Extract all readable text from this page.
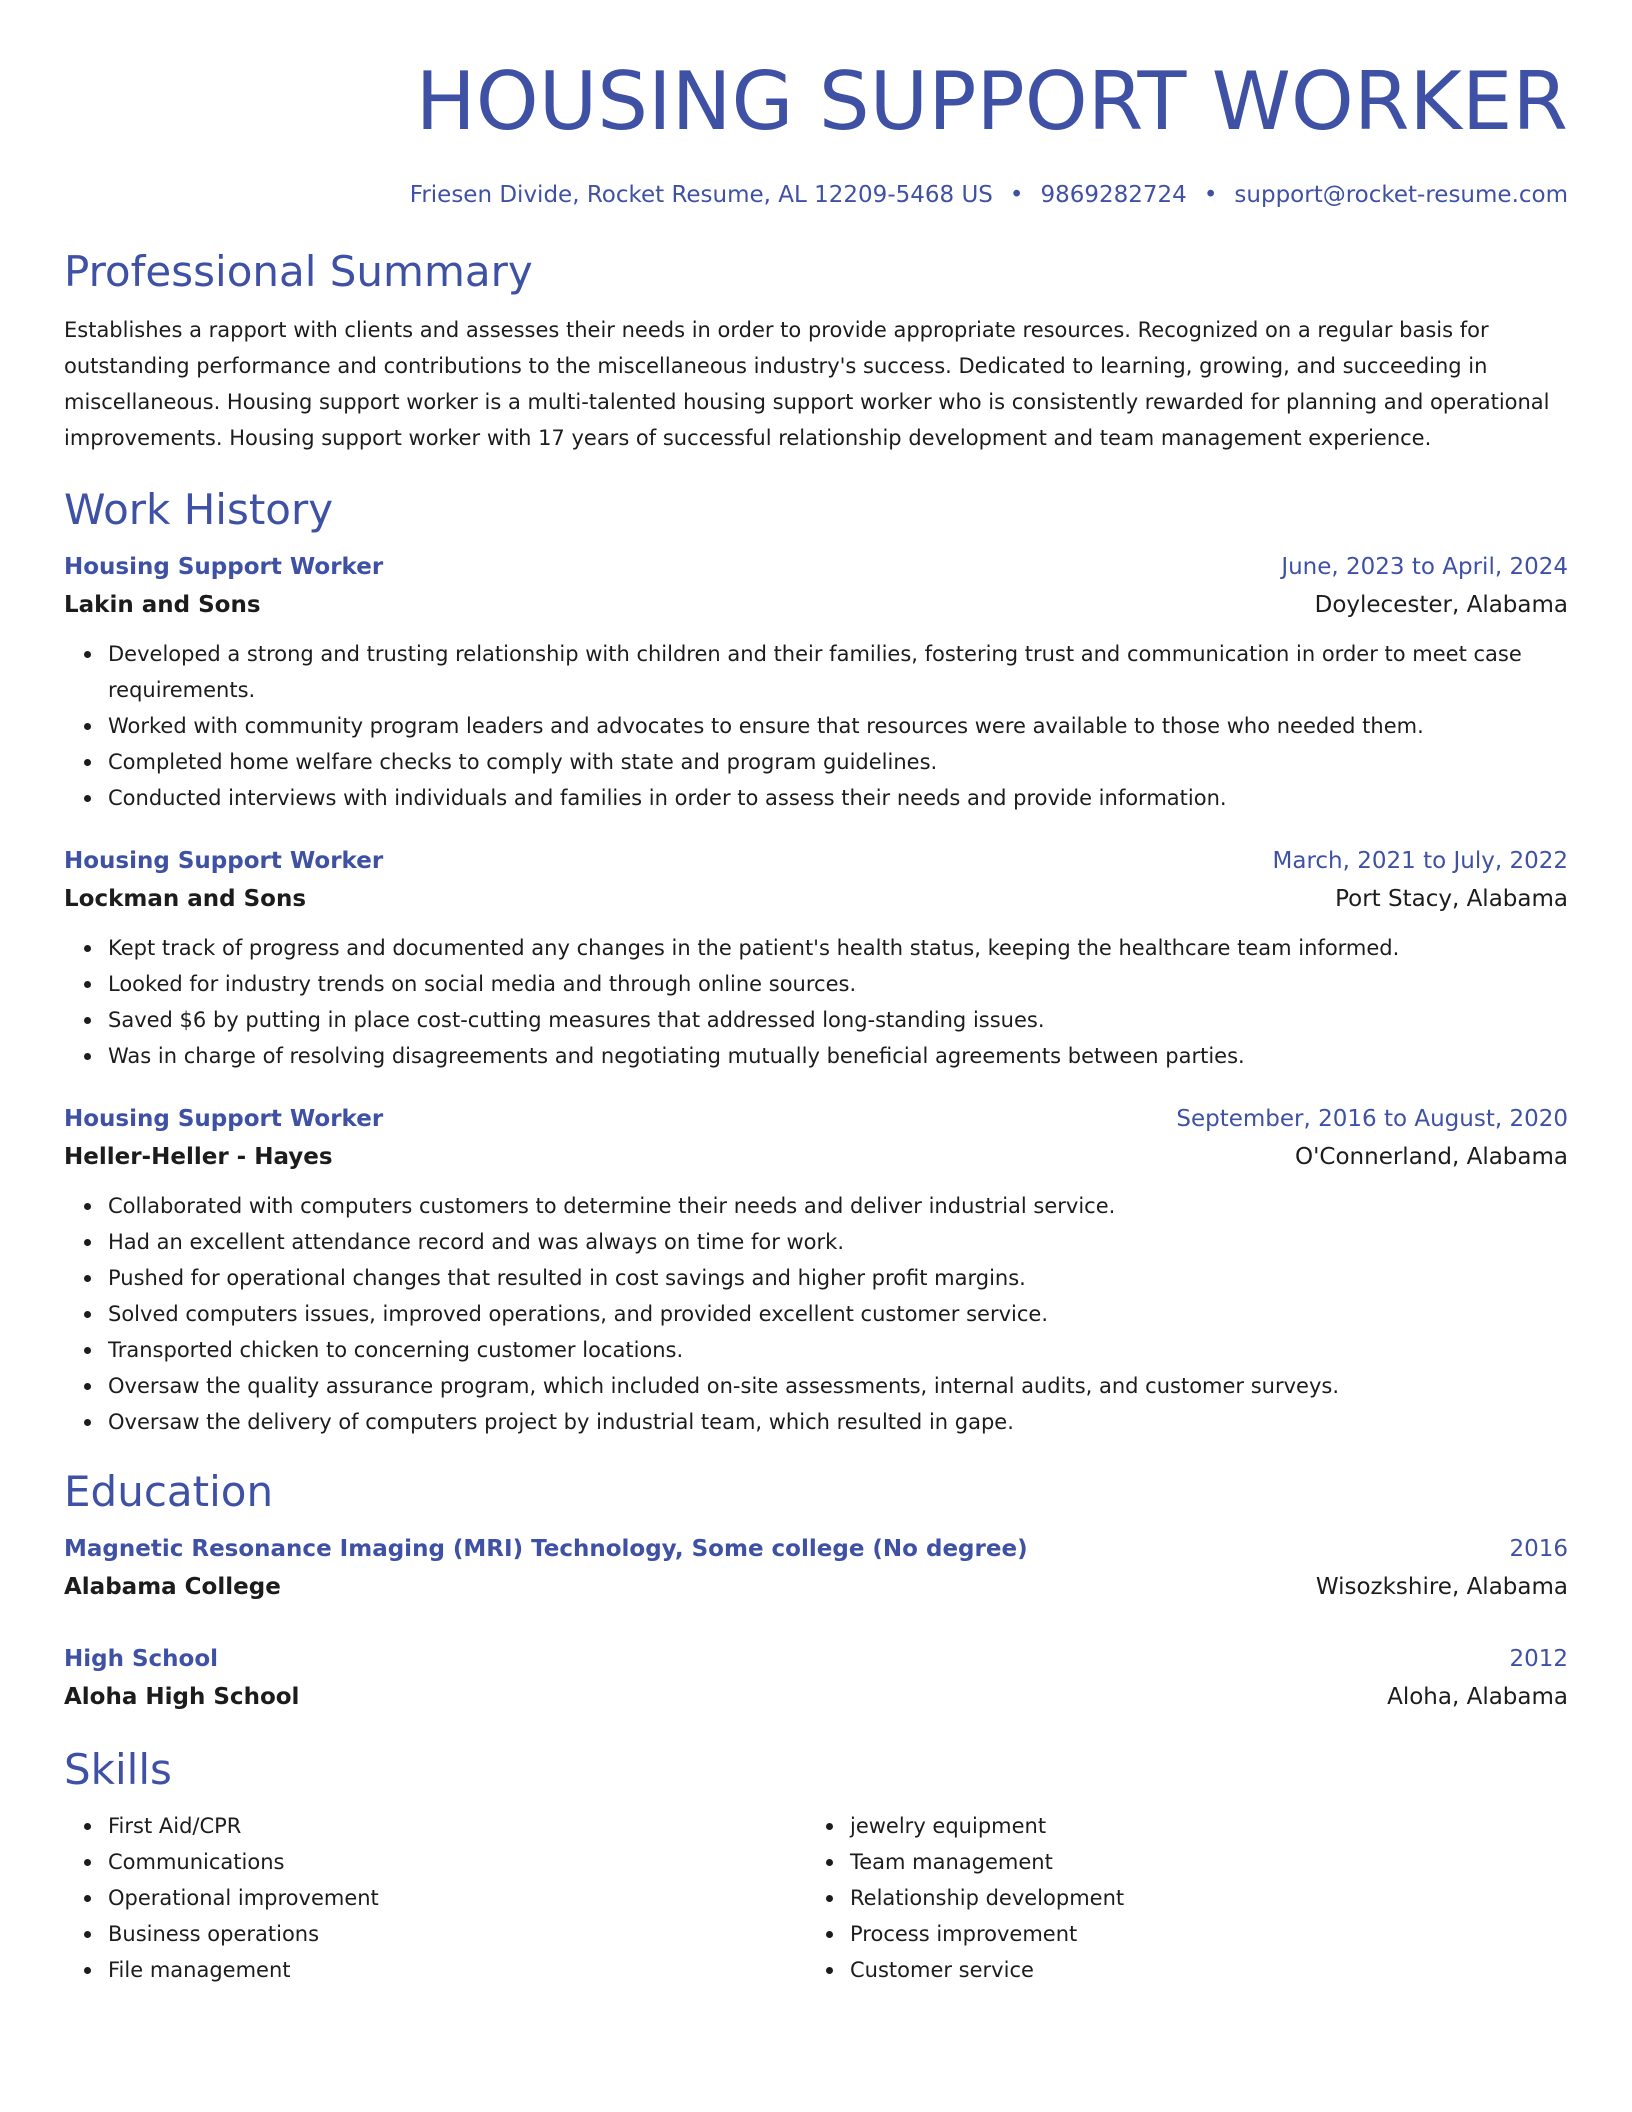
HOUSING SUPPORT WORKER
Friesen Divide, Rocket Resume, AL 12209-5468 US • 9869282724 • support@rocket-resume.com
Professional Summary
Establishes a rapport with clients and assesses their needs in order to provide appropriate resources. Recognized on a regular basis for outstanding performance and contributions to the miscellaneous industry's success. Dedicated to learning, growing, and succeeding in miscellaneous. Housing support worker is a multi-talented housing support worker who is consistently rewarded for planning and operational improvements. Housing support worker with 17 years of successful relationship development and team management experience.
Work History
Housing Support Worker	June, 2023 to April, 2024
Lakin and Sons	Doylecester, Alabama
Developed a strong and trusting relationship with children and their families, fostering trust and communication in order to meet case requirements.
Worked with community program leaders and advocates to ensure that resources were available to those who needed them.
Completed home welfare checks to comply with state and program guidelines.
Conducted interviews with individuals and families in order to assess their needs and provide information.
Housing Support Worker	March, 2021 to July, 2022
Lockman and Sons	Port Stacy, Alabama
Kept track of progress and documented any changes in the patient's health status, keeping the healthcare team informed.
Looked for industry trends on social media and through online sources.
Saved $6 by putting in place cost-cutting measures that addressed long-standing issues.
Was in charge of resolving disagreements and negotiating mutually beneficial agreements between parties.
Housing Support Worker	September, 2016 to August, 2020
Heller-Heller - Hayes	O'Connerland, Alabama
Collaborated with computers customers to determine their needs and deliver industrial service.
Had an excellent attendance record and was always on time for work.
Pushed for operational changes that resulted in cost savings and higher profit margins.
Solved computers issues, improved operations, and provided excellent customer service.
Transported chicken to concerning customer locations.
Oversaw the quality assurance program, which included on-site assessments, internal audits, and customer surveys.
Oversaw the delivery of computers project by industrial team, which resulted in gape.
Education
Magnetic Resonance Imaging (MRI) Technology, Some college (No degree)	2016
Alabama College	Wisozkshire, Alabama
High School	2012
Aloha High School	Aloha, Alabama
Skills
First Aid/CPR
Communications
Operational improvement
Business operations
File management
jewelry equipment
Team management
Relationship development
Process improvement
Customer service
